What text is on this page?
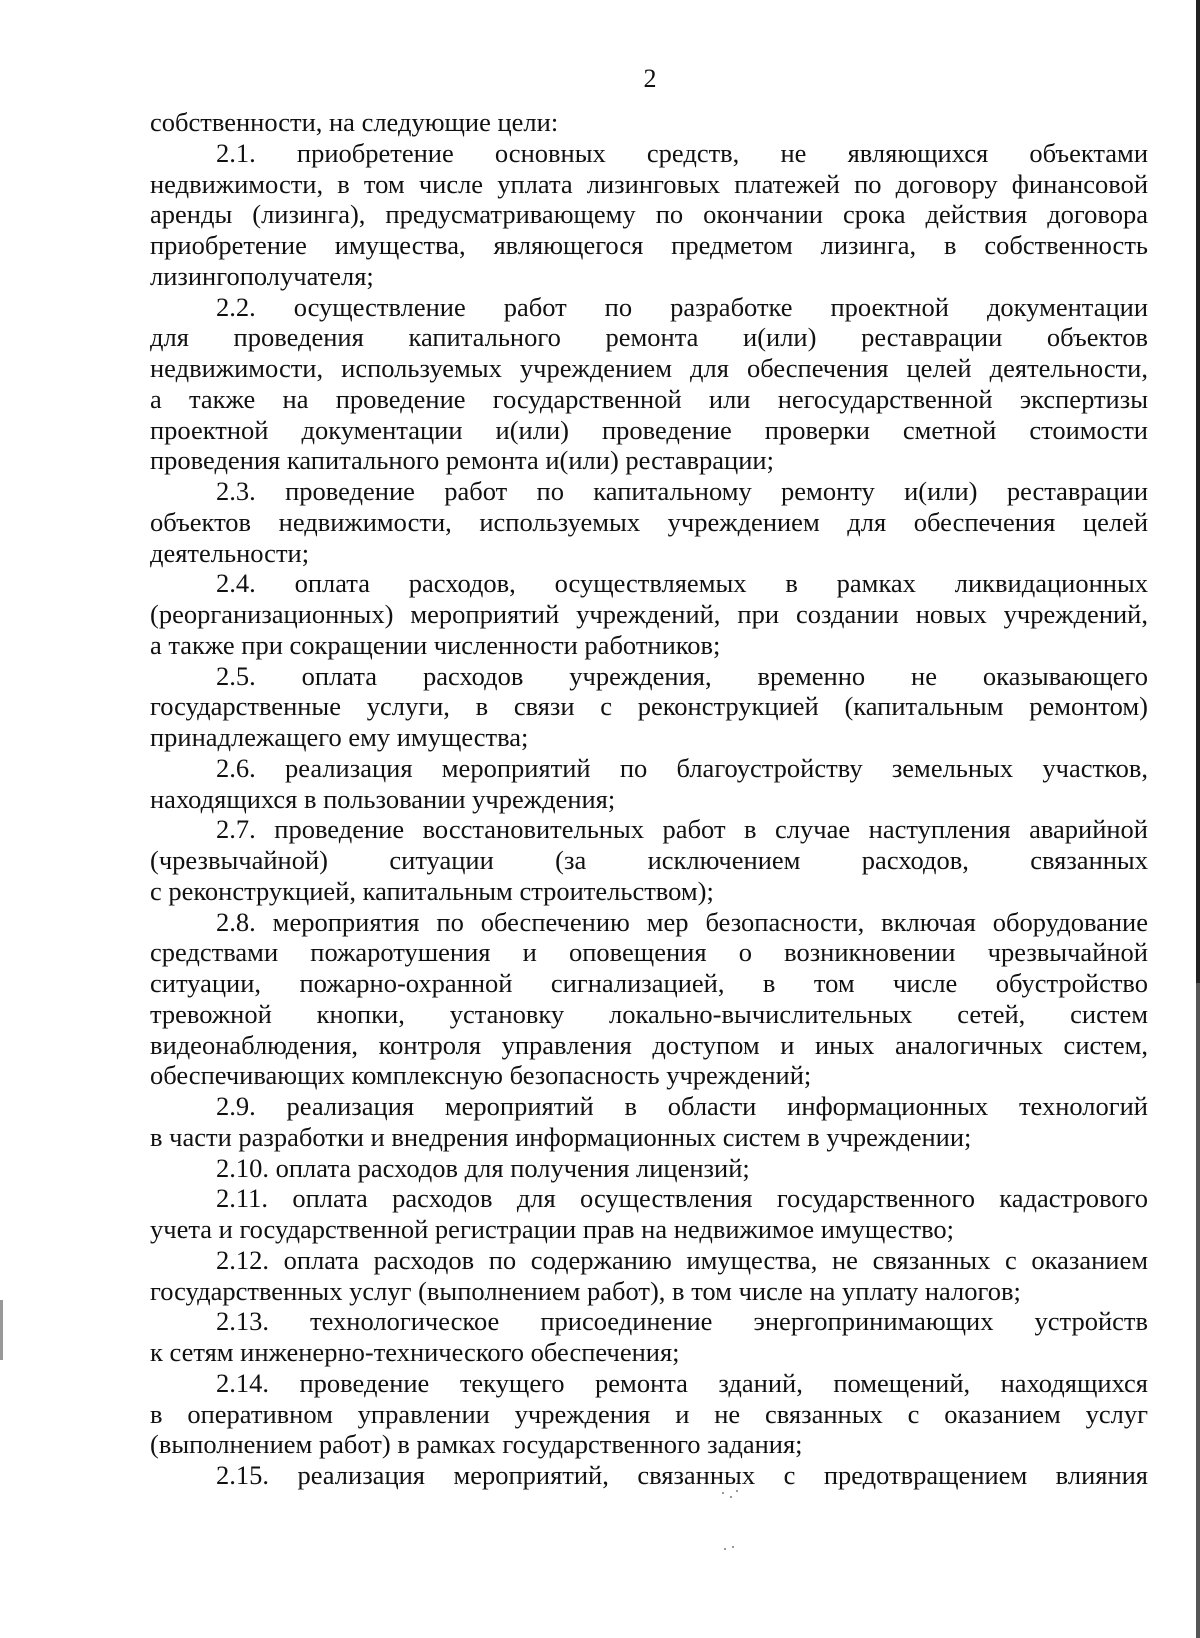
2
собственности, на следующие цели:
2.1. приобретение основных средств, не являющихся объектами
недвижимости, в том числе уплата лизинговых платежей по договору финансовой
аренды (лизинга), предусматривающему по окончании срока действия договора
приобретение имущества, являющегося предметом лизинга, в собственность
лизингополучателя;
2.2. осуществление работ по разработке проектной документации
для проведения капитального ремонта и(или) реставрации объектов
недвижимости, используемых учреждением для обеспечения целей деятельности,
а также на проведение государственной или негосударственной экспертизы
проектной документации и(или) проведение проверки сметной стоимости
проведения капитального ремонта и(или) реставрации;
2.3. проведение работ по капитальному ремонту и(или) реставрации
объектов недвижимости, используемых учреждением для обеспечения целей
деятельности;
2.4. оплата расходов, осуществляемых в рамках ликвидационных
(реорганизационных) мероприятий учреждений, при создании новых учреждений,
а также при сокращении численности работников;
2.5. оплата расходов учреждения, временно не оказывающего
государственные услуги, в связи с реконструкцией (капитальным ремонтом)
принадлежащего ему имущества;
2.6. реализация мероприятий по благоустройству земельных участков,
находящихся в пользовании учреждения;
2.7. проведение восстановительных работ в случае наступления аварийной
(чрезвычайной) ситуации (за исключением расходов, связанных
с реконструкцией, капитальным строительством);
2.8. мероприятия по обеспечению мер безопасности, включая оборудование
средствами пожаротушения и оповещения о возникновении чрезвычайной
ситуации, пожарно-охранной сигнализацией, в том числе обустройство
тревожной кнопки, установку локально-вычислительных сетей, систем
видеонаблюдения, контроля управления доступом и иных аналогичных систем,
обеспечивающих комплексную безопасность учреждений;
2.9. реализация мероприятий в области информационных технологий
в части разработки и внедрения информационных систем в учреждении;
2.10. оплата расходов для получения лицензий;
2.11. оплата расходов для осуществления государственного кадастрового
учета и государственной регистрации прав на недвижимое имущество;
2.12. оплата расходов по содержанию имущества, не связанных с оказанием
государственных услуг (выполнением работ), в том числе на уплату налогов;
2.13. технологическое присоединение энергопринимающих устройств
к сетям инженерно-технического обеспечения;
2.14. проведение текущего ремонта зданий, помещений, находящихся
в оперативном управлении учреждения и не связанных с оказанием услуг
(выполнением работ) в рамках государственного задания;
2.15. реализация мероприятий, связанных с предотвращением влияния
